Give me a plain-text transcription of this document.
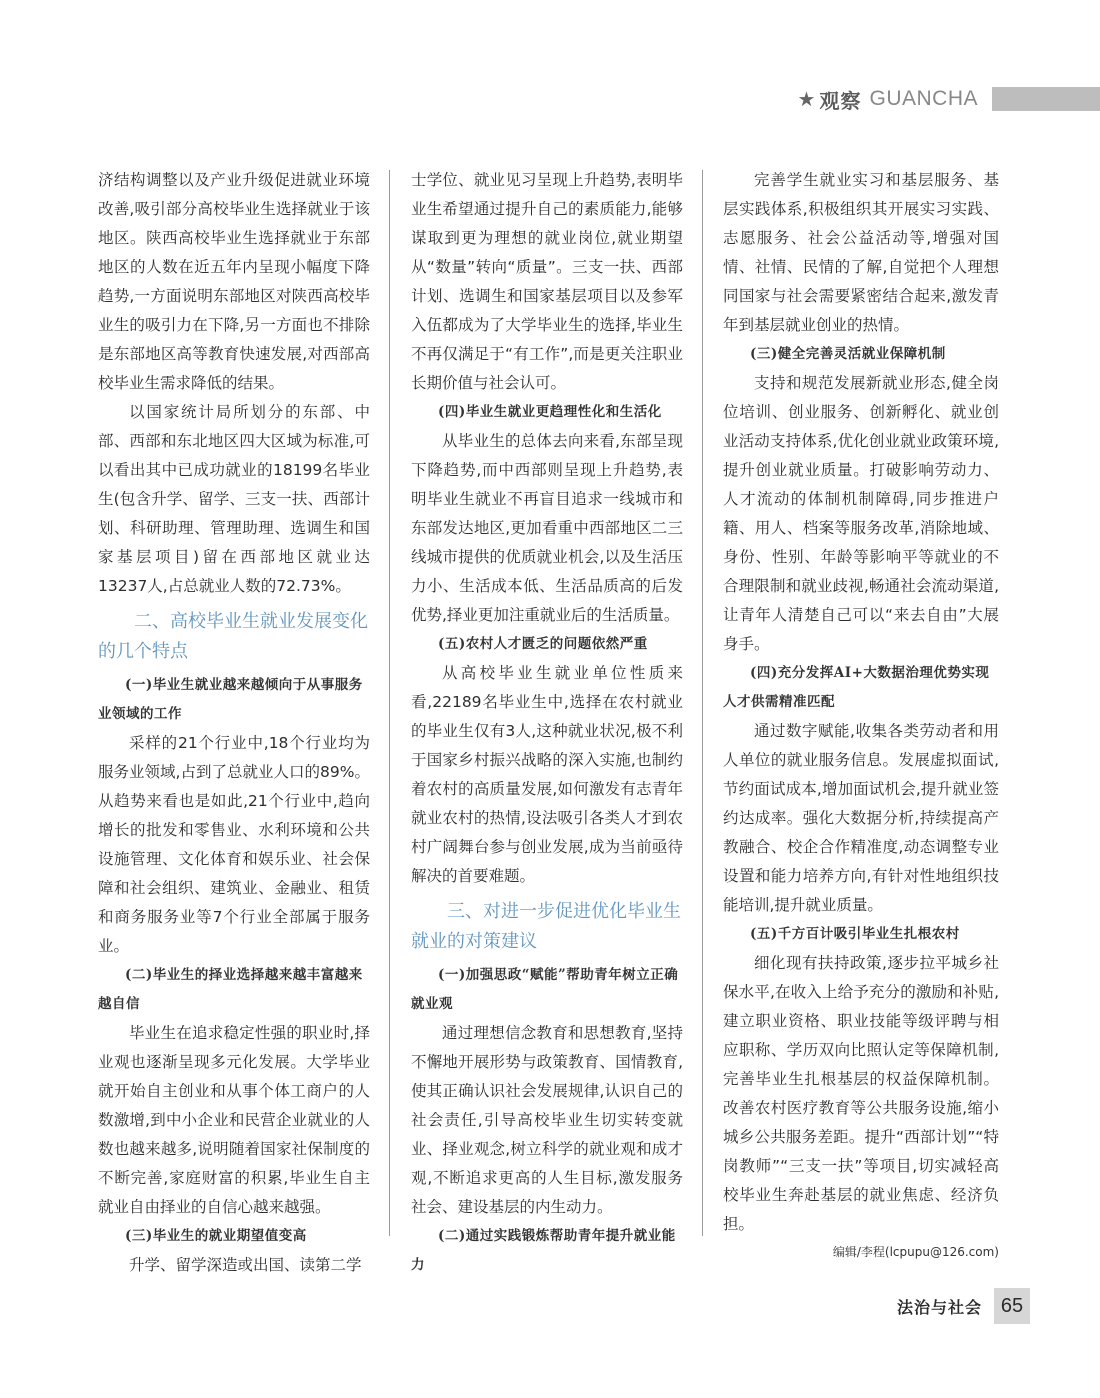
★ 观察 GUANCHA

济结构调整以及产业升级促进就业环境改善,吸引部分高校毕业生选择就业于该地区。陕西高校毕业生选择就业于东部地区的人数在近五年内呈现小幅度下降趋势,一方面说明东部地区对陕西高校毕业生的吸引力在下降,另一方面也不排除是东部地区高等教育快速发展,对西部高校毕业生需求降低的结果。

以国家统计局所划分的东部、中部、西部和东北地区四大区域为标准,可以看出其中已成功就业的18199名毕业生(包含升学、留学、三支一扶、西部计划、科研助理、管理助理、选调生和国家基层项目)留在西部地区就业达13237人,占总就业人数的72.73%。

二、高校毕业生就业发展变化的几个特点

(一)毕业生就业越来越倾向于从事服务业领域的工作

采样的21个行业中,18个行业均为服务业领域,占到了总就业人口的89%。从趋势来看也是如此,21个行业中,趋向增长的批发和零售业、水利环境和公共设施管理、文化体育和娱乐业、社会保障和社会组织、建筑业、金融业、租赁和商务服务业等7个行业全部属于服务业。

(二)毕业生的择业选择越来越丰富越来越自信

毕业生在追求稳定性强的职业时,择业观也逐渐呈现多元化发展。大学毕业就开始自主创业和从事个体工商户的人数激增,到中小企业和民营企业就业的人数也越来越多,说明随着国家社保制度的不断完善,家庭财富的积累,毕业生自主就业自由择业的自信心越来越强。

(三)毕业生的就业期望值变高

升学、留学深造或出国、读第二学

士学位、就业见习呈现上升趋势,表明毕业生希望通过提升自己的素质能力,能够谋取到更为理想的就业岗位,就业期望从“数量”转向“质量”。三支一扶、西部计划、选调生和国家基层项目以及参军入伍都成为了大学毕业生的选择,毕业生不再仅满足于“有工作”,而是更关注职业长期价值与社会认可。

(四)毕业生就业更趋理性化和生活化

从毕业生的总体去向来看,东部呈现下降趋势,而中西部则呈现上升趋势,表明毕业生就业不再盲目追求一线城市和东部发达地区,更加看重中西部地区二三线城市提供的优质就业机会,以及生活压力小、生活成本低、生活品质高的后发优势,择业更加注重就业后的生活质量。

(五)农村人才匮乏的问题依然严重

从高校毕业生就业单位性质来看,22189名毕业生中,选择在农村就业的毕业生仅有3人,这种就业状况,极不利于国家乡村振兴战略的深入实施,也制约着农村的高质量发展,如何激发有志青年就业农村的热情,设法吸引各类人才到农村广阔舞台参与创业发展,成为当前亟待解决的首要难题。

三、对进一步促进优化毕业生就业的对策建议

(一)加强思政“赋能”帮助青年树立正确就业观

通过理想信念教育和思想教育,坚持不懈地开展形势与政策教育、国情教育,使其正确认识社会发展规律,认识自己的社会责任,引导高校毕业生切实转变就业、择业观念,树立科学的就业观和成才观,不断追求更高的人生目标,激发服务社会、建设基层的内生动力。

(二)通过实践锻炼帮助青年提升就业能力

完善学生就业实习和基层服务、基层实践体系,积极组织其开展实习实践、志愿服务、社会公益活动等,增强对国情、社情、民情的了解,自觉把个人理想同国家与社会需要紧密结合起来,激发青年到基层就业创业的热情。

(三)健全完善灵活就业保障机制

支持和规范发展新就业形态,健全岗位培训、创业服务、创新孵化、就业创业活动支持体系,优化创业就业政策环境,提升创业就业质量。打破影响劳动力、人才流动的体制机制障碍,同步推进户籍、用人、档案等服务改革,消除地域、身份、性别、年龄等影响平等就业的不合理限制和就业歧视,畅通社会流动渠道,让青年人清楚自己可以“来去自由”大展身手。

(四)充分发挥AI+大数据治理优势实现人才供需精准匹配

通过数字赋能,收集各类劳动者和用人单位的就业服务信息。发展虚拟面试,节约面试成本,增加面试机会,提升就业签约达成率。强化大数据分析,持续提高产教融合、校企合作精准度,动态调整专业设置和能力培养方向,有针对性地组织技能培训,提升就业质量。

(五)千方百计吸引毕业生扎根农村

细化现有扶持政策,逐步拉平城乡社保水平,在收入上给予充分的激励和补贴,建立职业资格、职业技能等级评聘与相应职称、学历双向比照认定等保障机制,完善毕业生扎根基层的权益保障机制。改善农村医疗教育等公共服务设施,缩小城乡公共服务差距。提升“西部计划”“特岗教师”“三支一扶”等项目,切实减轻高校毕业生奔赴基层的就业焦虑、经济负担。

编辑/李程(lcpupu@126.com)
法治与社会 65
